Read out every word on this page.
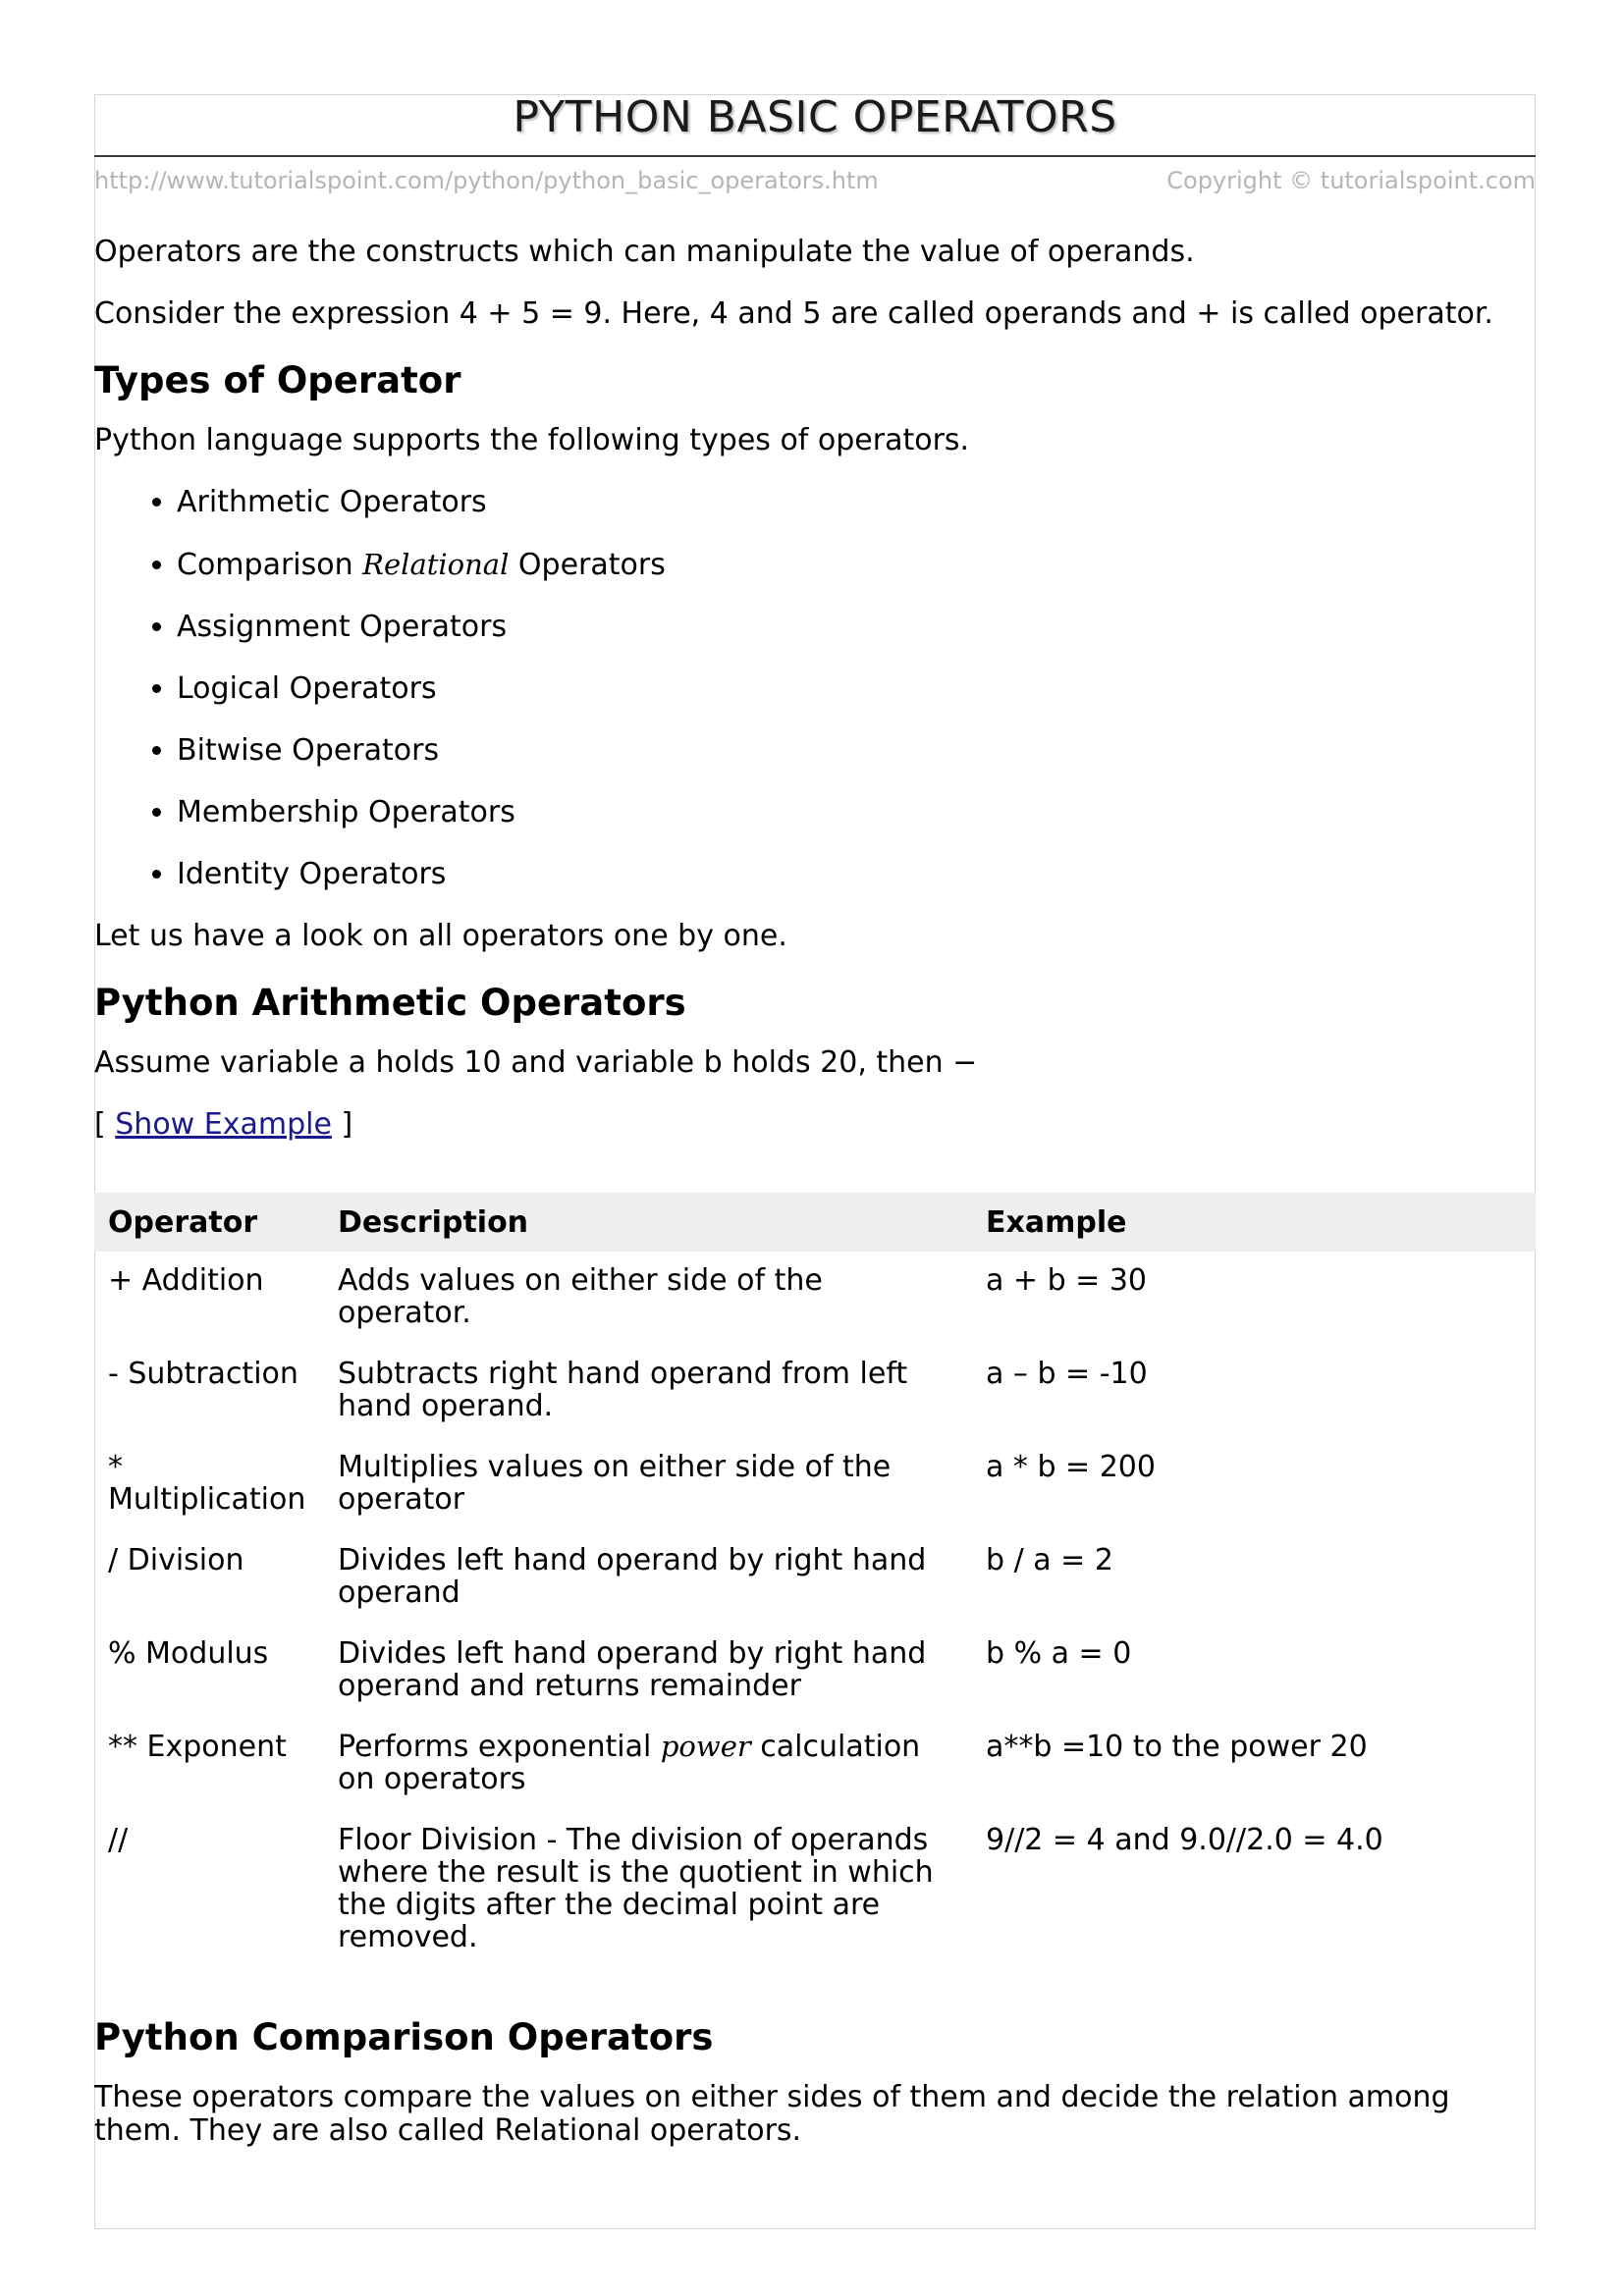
PYTHON BASIC OPERATORS
http://www.tutorialspoint.com/python/python_basic_operators.htm	Copyright © tutorialspoint.com

Operators are the constructs which can manipulate the value of operands.

Consider the expression 4 + 5 = 9. Here, 4 and 5 are called operands and + is called operator.

Types of Operator

Python language supports the following types of operators.

• Arithmetic Operators
• Comparison Relational Operators
• Assignment Operators
• Logical Operators
• Bitwise Operators
• Membership Operators
• Identity Operators

Let us have a look on all operators one by one.

Python Arithmetic Operators

Assume variable a holds 10 and variable b holds 20, then −

[ Show Example ]

Operator	Description	Example
+ Addition	Adds values on either side of the operator.	a + b = 30
- Subtraction	Subtracts right hand operand from left hand operand.	a – b = -10
* Multiplication	Multiplies values on either side of the operator	a * b = 200
/ Division	Divides left hand operand by right hand operand	b / a = 2
% Modulus	Divides left hand operand by right hand operand and returns remainder	b % a = 0
** Exponent	Performs exponential power calculation on operators	a**b =10 to the power 20
//	Floor Division - The division of operands where the result is the quotient in which the digits after the decimal point are removed.	9//2 = 4 and 9.0//2.0 = 4.0
Python Comparison Operators

These operators compare the values on either sides of them and decide the relation among them. They are also called Relational operators.
